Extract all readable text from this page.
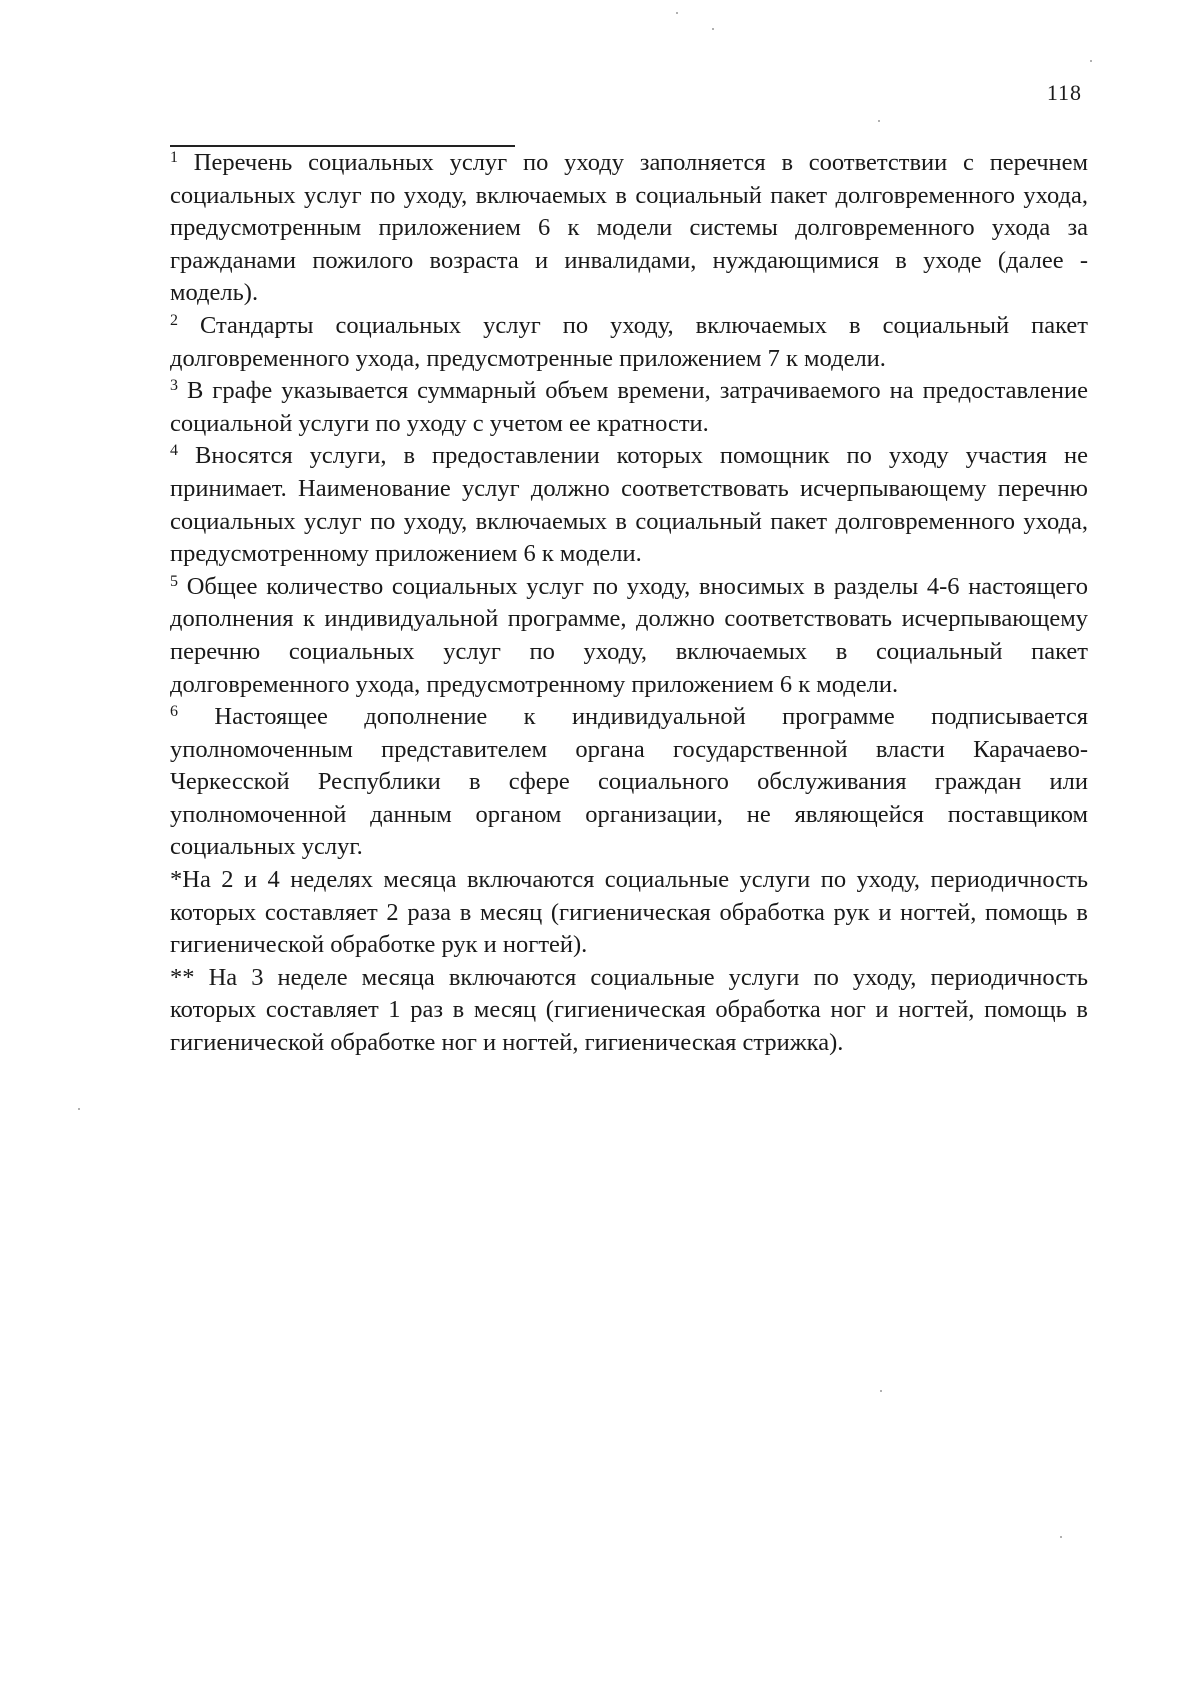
118

$^1$ Перечень социальных услуг по уходу заполняется в соответствии с перечнем социальных услуг по уходу, включаемых в социальный пакет долговременного ухода, предусмотренным приложением 6 к модели системы долговременного ухода за гражданами пожилого возраста и инвалидами, нуждающимися в уходе (далее - модель).

$^2$ Стандарты социальных услуг по уходу, включаемых в социальный пакет долговременного ухода, предусмотренные приложением 7 к модели.

$^3$ В графе указывается суммарный объем времени, затрачиваемого на предоставление социальной услуги по уходу с учетом ее кратности.

$^4$ Вносятся услуги, в предоставлении которых помощник по уходу участия не принимает. Наименование услуг должно соответствовать исчерпывающему перечню социальных услуг по уходу, включаемых в социальный пакет долговременного ухода, предусмотренному приложением 6 к модели.

$^5$ Общее количество социальных услуг по уходу, вносимых в разделы 4-6 настоящего дополнения к индивидуальной программе, должно соответствовать исчерпывающему перечню социальных услуг по уходу, включаемых в социальный пакет долговременного ухода, предусмотренному приложением 6 к модели.

$^6$ Настоящее дополнение к индивидуальной программе подписывается уполномоченным представителем органа государственной власти Карачаево-Черкесской Республики в сфере социального обслуживания граждан или уполномоченной данным органом организации, не являющейся поставщиком социальных услуг.

*На 2 и 4 неделях месяца включаются социальные услуги по уходу, периодичность которых составляет 2 раза в месяц (гигиеническая обработка рук и ногтей, помощь в гигиенической обработке рук и ногтей).

** На 3 неделе месяца включаются социальные услуги по уходу, периодичность которых составляет 1 раз в месяц (гигиеническая обработка ног и ногтей, помощь в гигиенической обработке ног и ногтей, гигиеническая стрижка).
